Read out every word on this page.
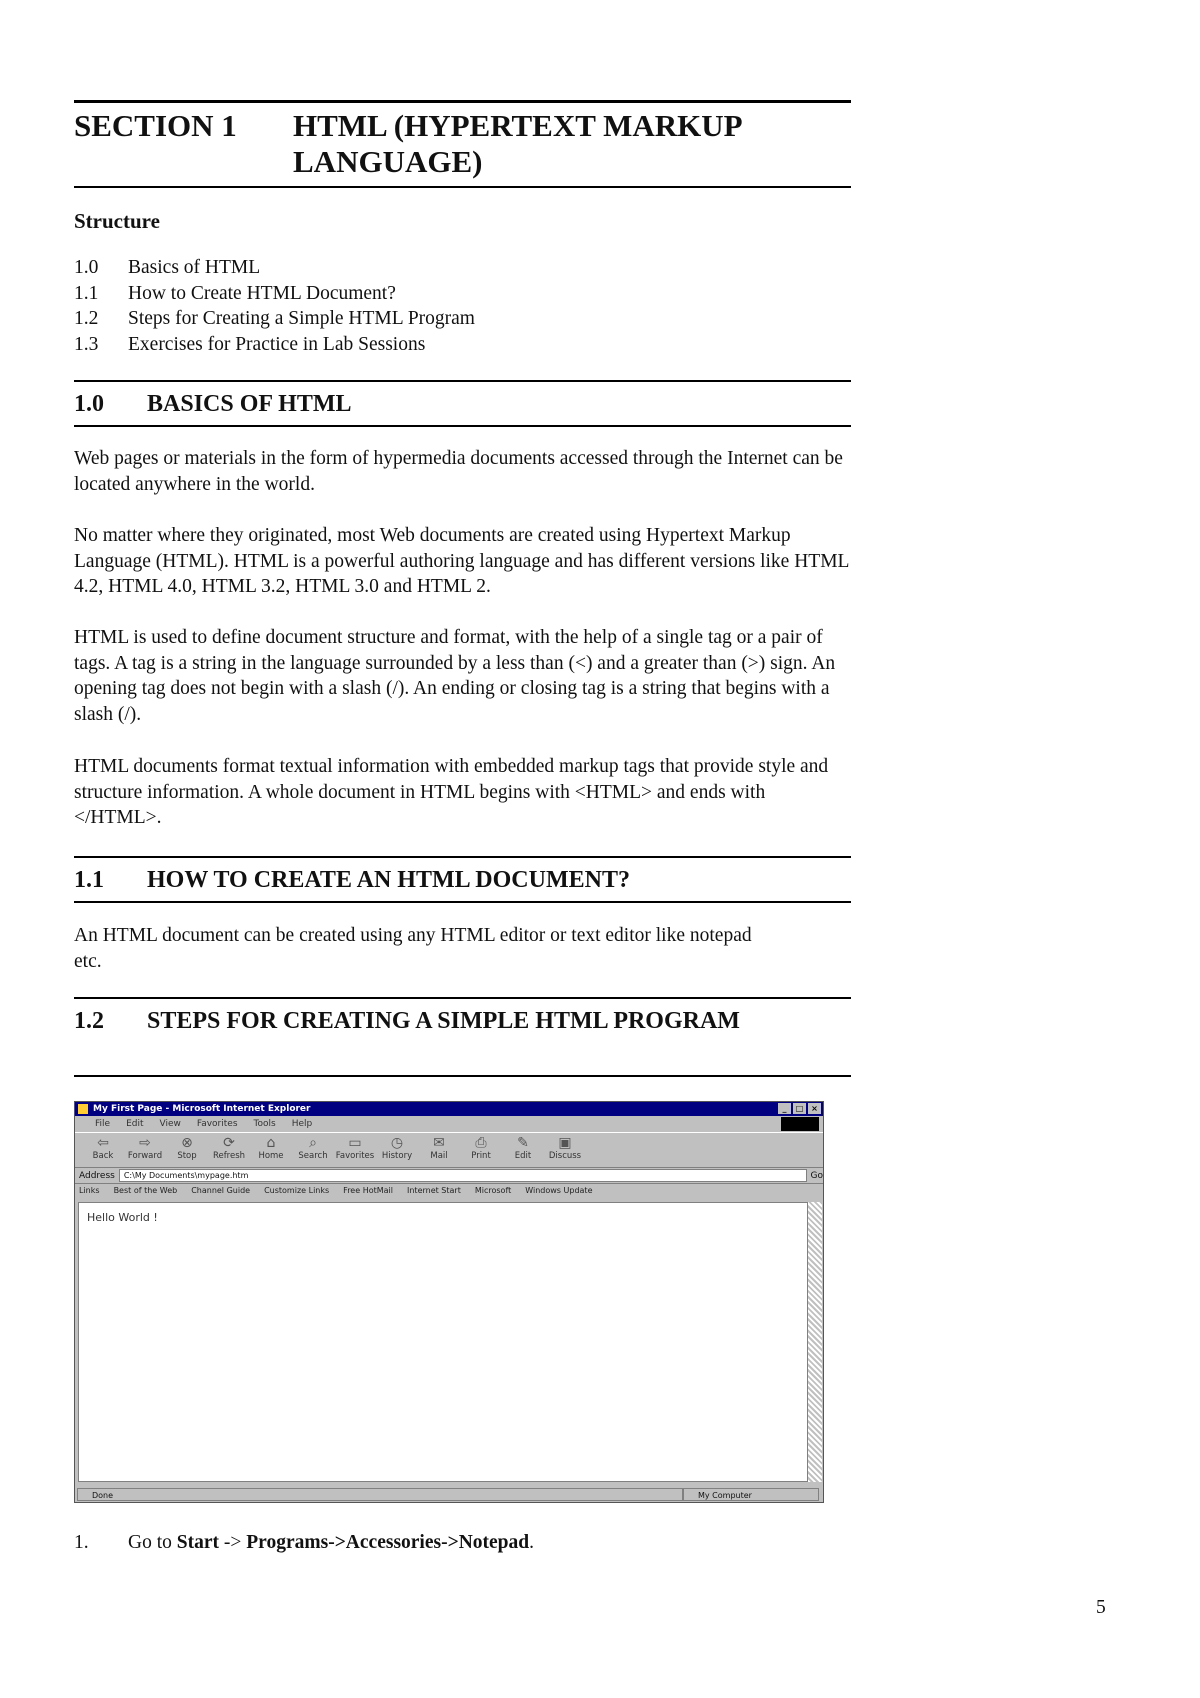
SECTION 1 HTML (HYPERTEXT MARKUP LANGUAGE)
Structure
1.0	Basics of HTML
1.1	How to Create HTML Document?
1.2	Steps for Creating a Simple HTML Program
1.3	Exercises for Practice in Lab Sessions
1.0 BASICS OF HTML
Web pages or materials in the form of hypermedia documents accessed through the Internet can be located anywhere in the world.
No matter where they originated, most Web documents are created using Hypertext Markup Language (HTML). HTML is a powerful authoring language and has different versions like HTML 4.2, HTML 4.0, HTML 3.2, HTML 3.0 and HTML 2.
HTML is used to define document structure and format, with the help of a single tag or a pair of tags. A tag is a string in the language surrounded by a less than (<) and a greater than (>) sign. An opening tag does not begin with a slash (/). An ending or closing tag is a string that begins with a slash (/).
HTML documents format textual information with embedded markup tags that provide style and structure information. A whole document in HTML begins with <HTML> and ends with </HTML>.
1.1 HOW TO CREATE AN HTML DOCUMENT?
An HTML document can be created using any HTML editor or text editor like notepad etc.
1.2 STEPS FOR CREATING A SIMPLE HTML PROGRAM
My First Page - Microsoft Internet Explorer	_	□ ×
File Edit View Favorites Tools Help
⇦
Back
⇨
Forward
⊗
Stop
⟳
Refresh
⌂
Home
⌕
Search
▭
Favorites
◷
History
✉
Mail
⎙
Print
✎
Edit
▣
Discuss
Address	C:\My Documents\mypage.htm	Go
Links Best of the Web Channel Guide Customize Links Free HotMail Internet Start Microsoft Windows Update
Hello World !
Done	My Computer
1. Go to Start -> Programs->Accessories->Notepad.
5
